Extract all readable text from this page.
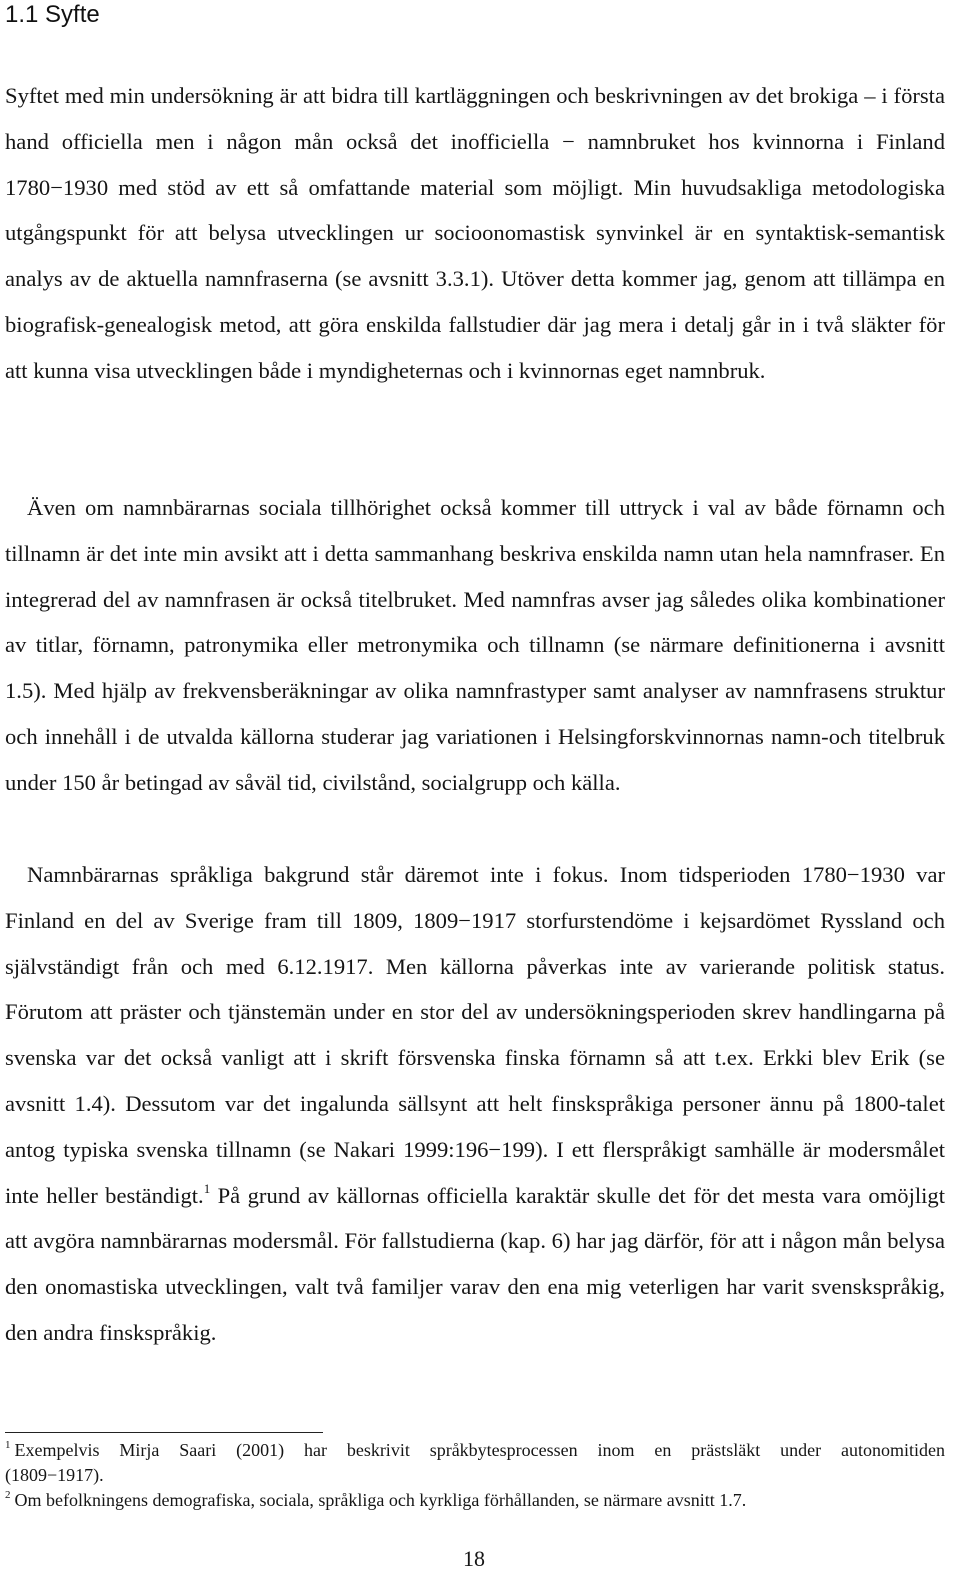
1.1 Syfte

Syftet med min undersökning är att bidra till kartläggningen och beskrivningen av det brokiga – i första hand officiella men i någon mån också det inofficiella − namnbruket hos kvinnorna i Finland 1780−1930 med stöd av ett så omfattande material som möjligt. Min huvudsakliga metodologiska utgångspunkt för att belysa utvecklingen ur socioonomastisk synvinkel är en syntaktisk-semantisk analys av de aktuella namnfraserna (se avsnitt 3.3.1). Utöver detta kommer jag, genom att tillämpa en biografisk-genealogisk metod, att göra enskilda fallstudier där jag mera i detalj går in i två släkter för att kunna visa utvecklingen både i myndigheternas och i kvinnornas eget namnbruk.

Även om namnbärarnas sociala tillhörighet också kommer till uttryck i val av både förnamn och tillnamn är det inte min avsikt att i detta sammanhang beskriva enskilda namn utan hela namnfraser. En integrerad del av namnfrasen är också titelbruket. Med namnfras avser jag således olika kombinationer av titlar, förnamn, patronymika eller metronymika och tillnamn (se närmare definitionerna i avsnitt 1.5). Med hjälp av frekvensberäkningar av olika namnfrastyper samt analyser av namnfrasens struktur och innehåll i de utvalda källorna studerar jag variationen i Helsingforskvinnornas namn-och titelbruk under 150 år betingad av såväl tid, civilstånd, socialgrupp och källa.

Namnbärarnas språkliga bakgrund står däremot inte i fokus. Inom tidsperioden 1780−1930 var Finland en del av Sverige fram till 1809, 1809−1917 storfurstendöme i kejsardömet Ryssland och självständigt från och med 6.12.1917. Men källorna påverkas inte av varierande politisk status. Förutom att präster och tjänstemän under en stor del av undersökningsperioden skrev handlingarna på svenska var det också vanligt att i skrift försvenska finska förnamn så att t.ex. Erkki blev Erik (se avsnitt 1.4). Dessutom var det ingalunda sällsynt att helt finskspråkiga personer ännu på 1800-talet antog typiska svenska tillnamn (se Nakari 1999:196−199). I ett flerspråkigt samhälle är modersmålet inte heller beständigt.$^1$ På grund av källornas officiella karaktär skulle det för det mesta vara omöjligt att avgöra namnbärarnas modersmål. För fallstudierna (kap. 6) har jag därför, för att i någon mån belysa den onomastiska utvecklingen, valt två familjer varav den ena mig veterligen har varit svenskspråkig, den andra finskspråkig.

$^1$ Exempelvis Mirja Saari (2001) har beskrivit språkbytesprocessen inom en prästsläkt under autonomitiden (1809−1917).

$^2$ Om befolkningens demografiska, sociala, språkliga och kyrkliga förhållanden, se närmare avsnitt 1.7.

18
